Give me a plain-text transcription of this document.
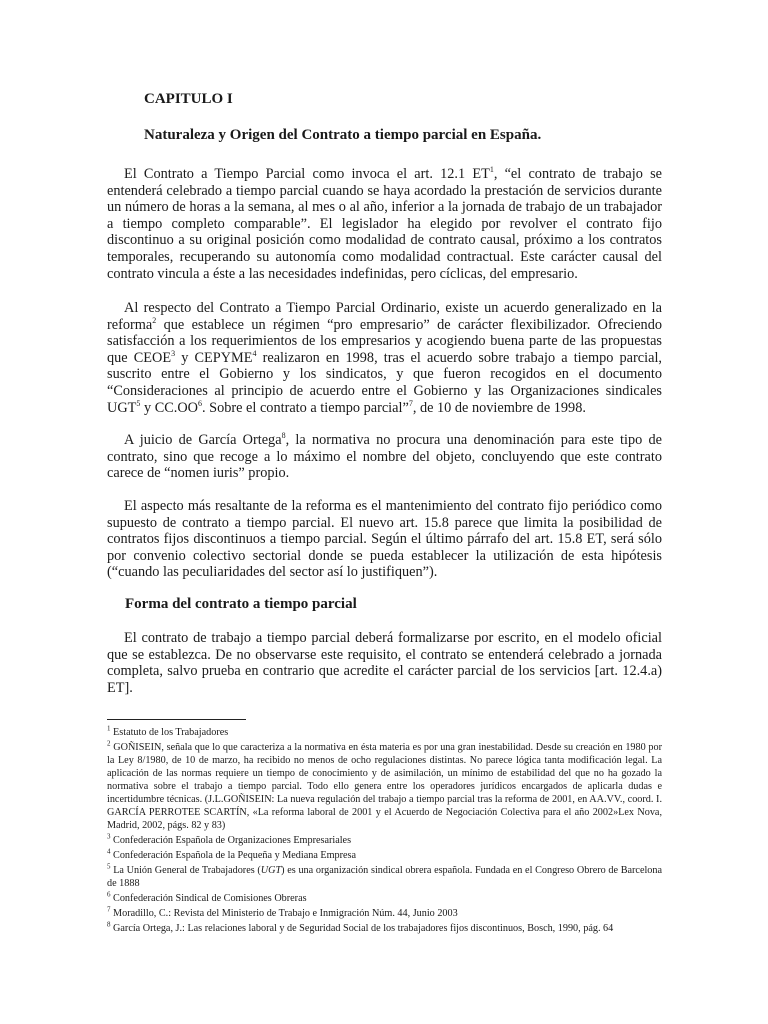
CAPITULO I
Naturaleza y Origen del Contrato a tiempo parcial en España.

El Contrato a Tiempo Parcial como invoca el art. 12.1 $ET^1$, “el contrato de trabajo se entenderá celebrado a tiempo parcial cuando se haya acordado la prestación de servicios durante un número de horas a la semana, al mes o al año, inferior a la jornada de trabajo de un trabajador a tiempo completo comparable”. El legislador ha elegido por revolver el contrato fijo discontinuo a su original posición como modalidad de contrato causal, próximo a los contratos temporales, recuperando su autonomía como modalidad contractual. Este carácter causal del contrato vincula a éste a las necesidades indefinidas, pero cíclicas, del empresario.

Al respecto del Contrato a Tiempo Parcial Ordinario, existe un acuerdo generalizado en la reforma$^2$ que establece un régimen “pro empresario” de carácter flexibilizador. Ofreciendo satisfacción a los requerimientos de los empresarios y acogiendo buena parte de las propuestas que CEOE$^3$ y CEPYME$^4$ realizaron en 1998, tras el acuerdo sobre trabajo a tiempo parcial, suscrito entre el Gobierno y los sindicatos, y que fueron recogidos en el documento “Consideraciones al principio de acuerdo entre el Gobierno y las Organizaciones sindicales UGT$^5$ y $CC.OO^6$. Sobre el contrato a tiempo parcial”$^7$, de 10 de noviembre de 1998.

A juicio de García Ortega$^8$, la normativa no procura una denominación para este tipo de contrato, sino que recoge a lo máximo el nombre del objeto, concluyendo que este contrato carece de “nomen iuris” propio.

El aspecto más resaltante de la reforma es el mantenimiento del contrato fijo periódico como supuesto de contrato a tiempo parcial. El nuevo art. 15.8 parece que limita la posibilidad de contratos fijos discontinuos a tiempo parcial. Según el último párrafo del art. 15.8 ET, será sólo por convenio colectivo sectorial donde se pueda establecer la utilización de esta hipótesis (“cuando las peculiaridades del sector así lo justifiquen”).

Forma del contrato a tiempo parcial

El contrato de trabajo a tiempo parcial deberá formalizarse por escrito, en el modelo oficial que se establezca. De no observarse este requisito, el contrato se entenderá celebrado a jornada completa, salvo prueba en contrario que acredite el carácter parcial de los servicios [art. 12.4.a) ET].

$^1$ Estatuto de los Trabajadores
$^2$ GOÑISEIN, señala que lo que caracteriza a la normativa en ésta materia es por una gran inestabilidad. Desde su creación en 1980 por la Ley 8/1980, de 10 de marzo, ha recibido no menos de ocho regulaciones distintas. No parece lógica tanta modificación legal. La aplicación de las normas requiere un tiempo de conocimiento y de asimilación, un mínimo de estabilidad del que no ha gozado la normativa sobre el trabajo a tiempo parcial. Todo ello genera entre los operadores jurídicos encargados de aplicarla dudas e incertidumbre técnicas. (J.L.GOÑISEIN: La nueva regulación del trabajo a tiempo parcial tras la reforma de 2001, en AA.VV., coord. I. GARCÍA PERROTEE SCARTÍN, «La reforma laboral de 2001 y el Acuerdo de Negociación Colectiva para el año 2002»Lex Nova, Madrid, 2002, págs. 82 y 83)
$^3$ Confederación Española de Organizaciones Empresariales
$^4$ Confederación Española de la Pequeña y Mediana Empresa
$^5$ La Unión General de Trabajadores (UGT) es una organización sindical obrera española. Fundada en el Congreso Obrero de Barcelona de 1888
$^6$ Confederación Sindical de Comisiones Obreras
$^7$ Moradillo, C.: Revista del Ministerio de Trabajo e Inmigración Núm. 44, Junio 2003
$^8$ García Ortega, J.: Las relaciones laboral y de Seguridad Social de los trabajadores fijos discontinuos, Bosch, 1990, pág. 64
